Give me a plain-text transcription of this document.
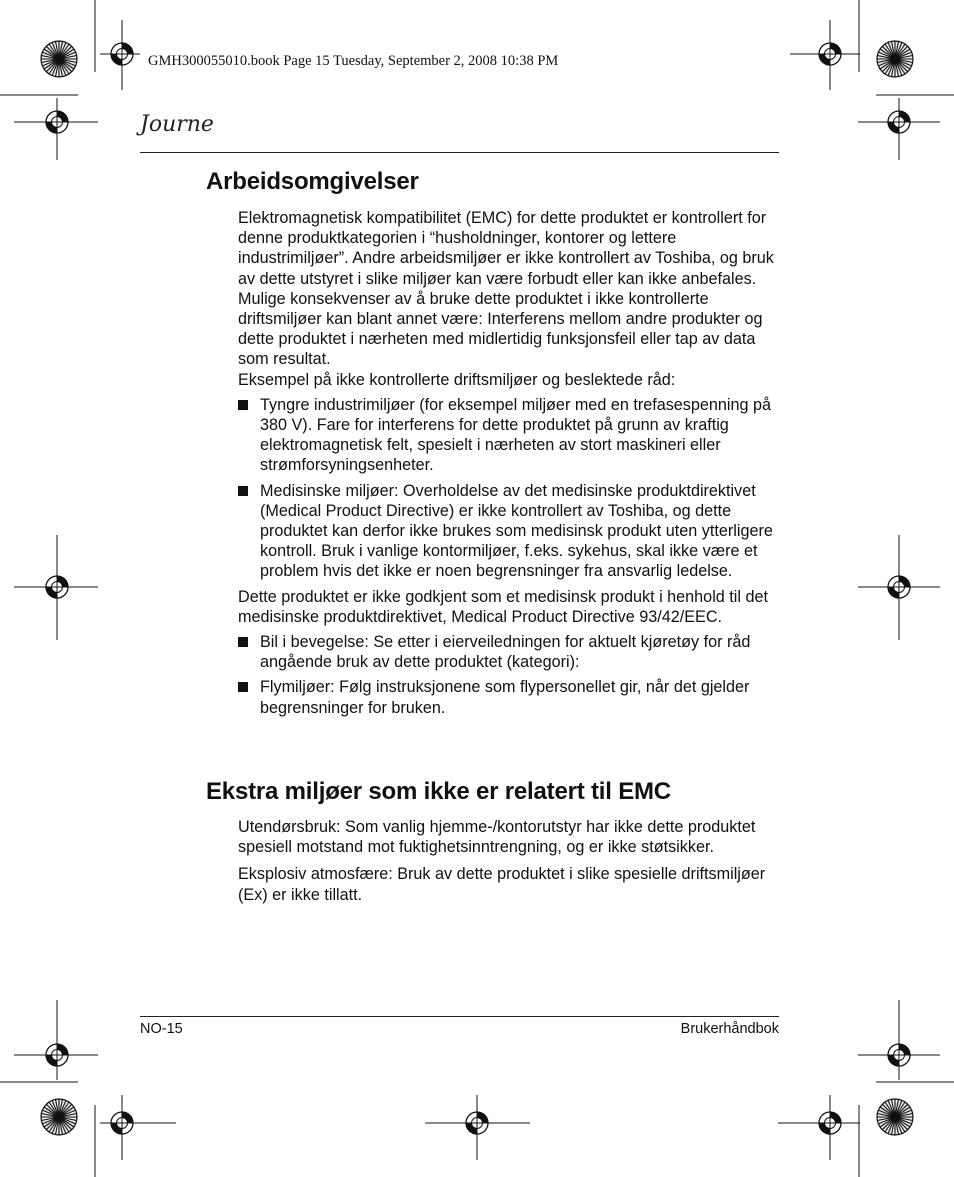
GMH300055010.book Page 15 Tuesday, September 2, 2008 10:38 PM
Journe
Arbeidsomgivelser

Elektromagnetisk kompatibilitet (EMC) for dette produktet er kontrollert for denne produktkategorien i “husholdninger, kontorer og lettere industrimiljøer”. Andre arbeidsmiljøer er ikke kontrollert av Toshiba, og bruk av dette utstyret i slike miljøer kan være forbudt eller kan ikke anbefales. Mulige konsekvenser av å bruke dette produktet i ikke kontrollerte driftsmiljøer kan blant annet være: Interferens mellom andre produkter og dette produktet i nærheten med midlertidig funksjonsfeil eller tap av data som resultat.

Eksempel på ikke kontrollerte driftsmiljøer og beslektede råd:

Tyngre industrimiljøer (for eksempel miljøer med en trefasespenning på 380 V). Fare for interferens for dette produktet på grunn av kraftig elektromagnetisk felt, spesielt i nærheten av stort maskineri eller strømforsyningsenheter.
Medisinske miljøer: Overholdelse av det medisinske produktdirektivet (Medical Product Directive) er ikke kontrollert av Toshiba, og dette produktet kan derfor ikke brukes som medisinsk produkt uten ytterligere kontroll. Bruk i vanlige kontormiljøer, f.eks. sykehus, skal ikke være et problem hvis det ikke er noen begrensninger fra ansvarlig ledelse.

Dette produktet er ikke godkjent som et medisinsk produkt i henhold til det medisinske produktdirektivet, Medical Product Directive 93/42/EEC.

Bil i bevegelse: Se etter i eierveiledningen for aktuelt kjøretøy for råd angående bruk av dette produktet (kategori):
Flymiljøer: Følg instruksjonene som flypersonellet gir, når det gjelder begrensninger for bruken.
Ekstra miljøer som ikke er relatert til EMC

Utendørsbruk: Som vanlig hjemme-/kontorutstyr har ikke dette produktet spesiell motstand mot fuktighetsinntrengning, og er ikke støtsikker.

Eksplosiv atmosfære: Bruk av dette produktet i slike spesielle driftsmiljøer (Ex) er ikke tillatt.

NO-15	Brukerhåndbok
